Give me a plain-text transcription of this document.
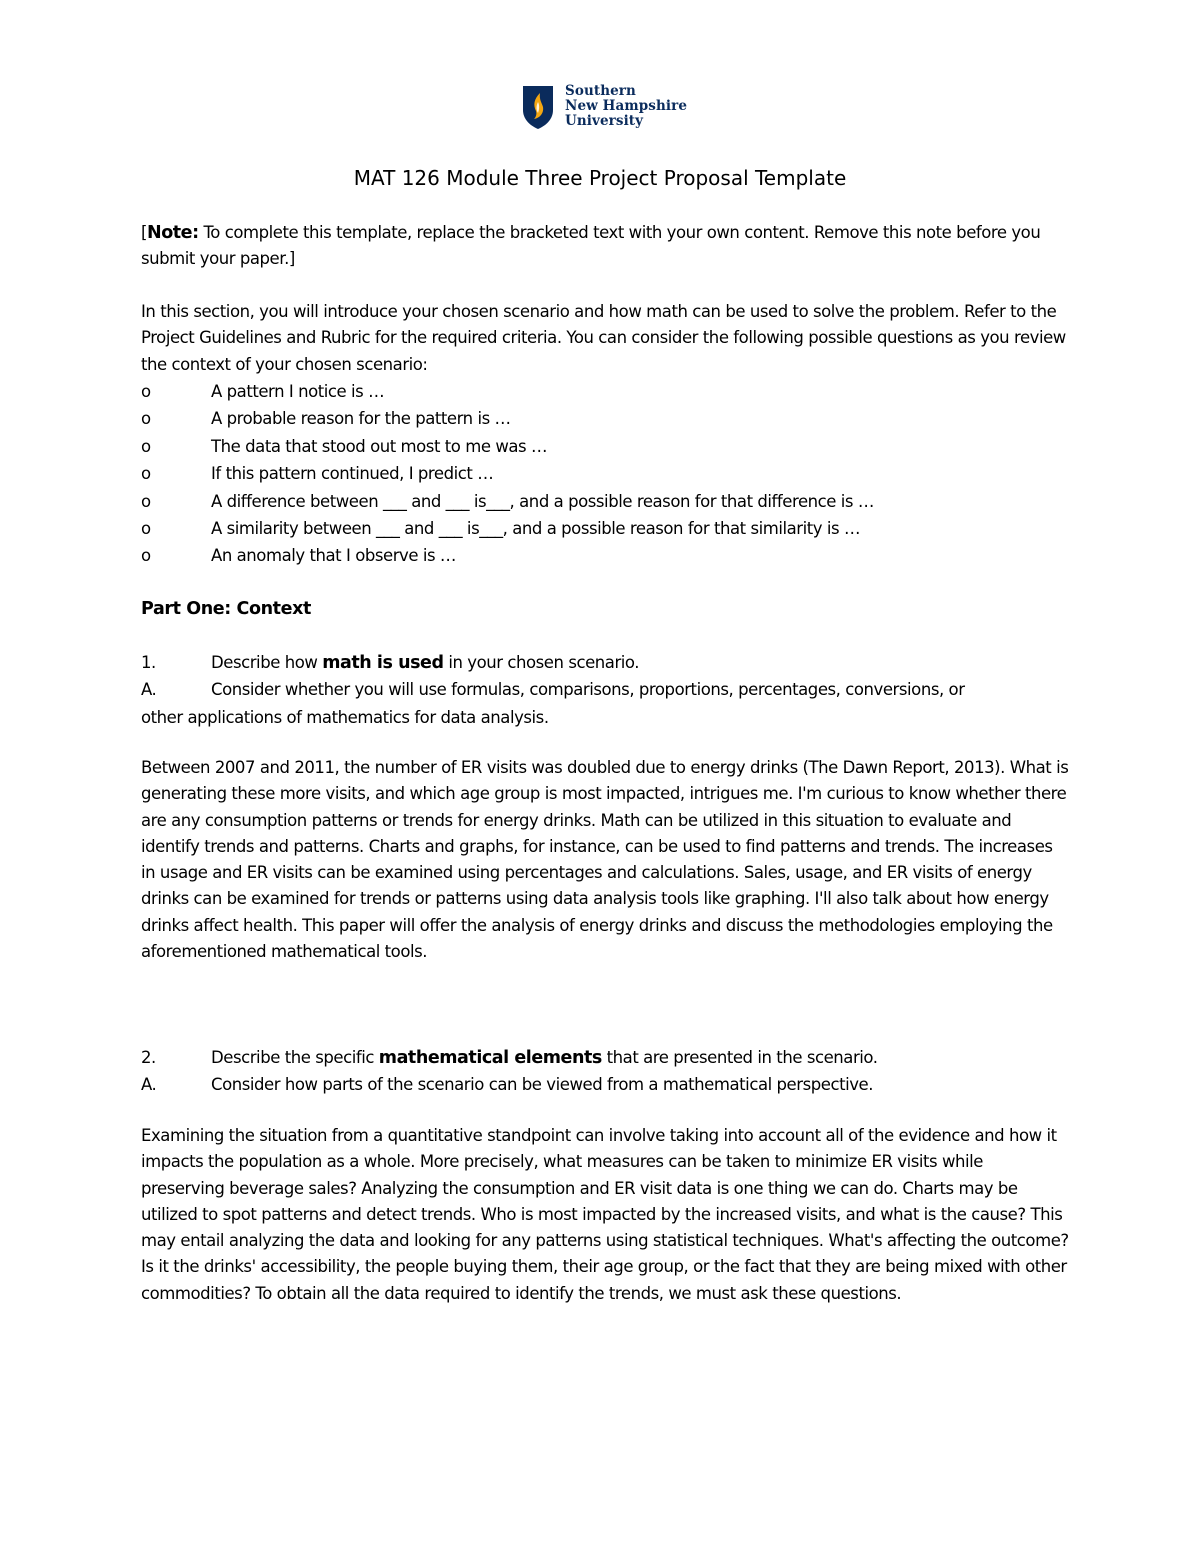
Southern
New Hampshire
University
MAT 126 Module Three Project Proposal Template

[Note: To complete this template, replace the bracketed text with your own content. Remove this note before you submit your paper.]

In this section, you will introduce your chosen scenario and how math can be used to solve the problem. Refer to the Project Guidelines and Rubric for the required criteria. You can consider the following possible questions as you review the context of your chosen scenario:

o	A pattern I notice is …
o	A probable reason for the pattern is …
o	The data that stood out most to me was …
o	If this pattern continued, I predict …
o	A difference between ___ and ___ is___, and a possible reason for that difference is …
o	A similarity between ___ and ___ is___, and a possible reason for that similarity is …
o	An anomaly that I observe is …
Part One: Context
1.	Describe how math is used in your chosen scenario.
A.	Consider whether you will use formulas, comparisons, proportions, percentages, conversions, or
other applications of mathematics for data analysis.

Between 2007 and 2011, the number of ER visits was doubled due to energy drinks (The Dawn Report, 2013). What is generating these more visits, and which age group is most impacted, intrigues me. I'm curious to know whether there are any consumption patterns or trends for energy drinks. Math can be utilized in this situation to evaluate and identify trends and patterns. Charts and graphs, for instance, can be used to find patterns and trends. The increases in usage and ER visits can be examined using percentages and calculations. Sales, usage, and ER visits of energy drinks can be examined for trends or patterns using data analysis tools like graphing. I'll also talk about how energy drinks affect health. This paper will offer the analysis of energy drinks and discuss the methodologies employing the aforementioned mathematical tools.

2.	Describe the specific mathematical elements that are presented in the scenario.
A.	Consider how parts of the scenario can be viewed from a mathematical perspective.

Examining the situation from a quantitative standpoint can involve taking into account all of the evidence and how it impacts the population as a whole. More precisely, what measures can be taken to minimize ER visits while preserving beverage sales? Analyzing the consumption and ER visit data is one thing we can do. Charts may be utilized to spot patterns and detect trends. Who is most impacted by the increased visits, and what is the cause? This may entail analyzing the data and looking for any patterns using statistical techniques. What's affecting the outcome? Is it the drinks' accessibility, the people buying them, their age group, or the fact that they are being mixed with other commodities? To obtain all the data required to identify the trends, we must ask these questions.
